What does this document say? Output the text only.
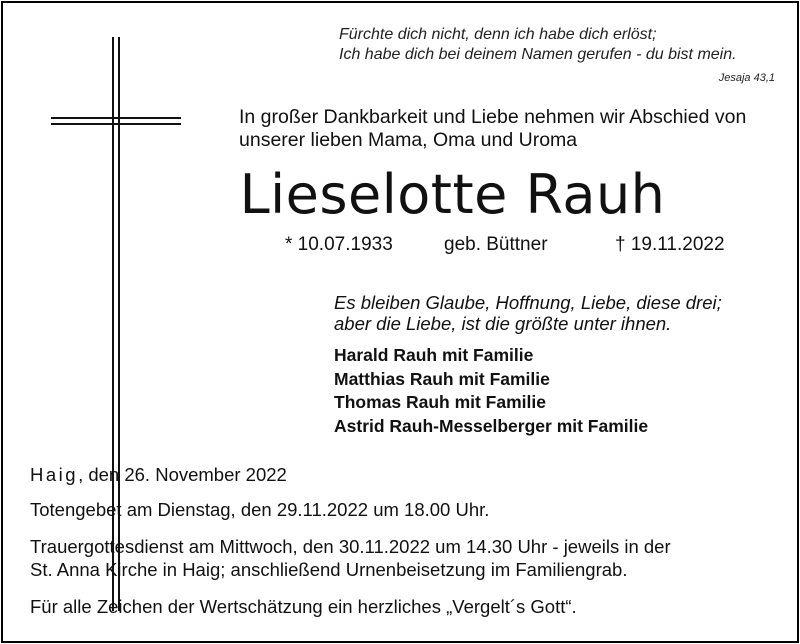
Fürchte dich nicht, denn ich habe dich erlöst;
Ich habe dich bei deinem Namen gerufen - du bist mein.
Jesaja 43,1
In großer Dankbarkeit und Liebe nehmen wir Abschied von
unserer lieben Mama, Oma und Uroma
Lieselotte Rauh
* 10.07.1933	geb. Büttner	† 19.11.2022
Es bleiben Glaube, Hoffnung, Liebe, diese drei;
aber die Liebe, ist die größte unter ihnen.
Harald Rauh mit Familie
Matthias Rauh mit Familie
Thomas Rauh mit Familie
Astrid Rauh-Messelberger mit Familie
Haig, den 26. November 2022
Totengebet am Dienstag, den 29.11.2022 um 18.00 Uhr.
Trauergottesdienst am Mittwoch, den 30.11.2022 um 14.30 Uhr - jeweils in der
St. Anna Kirche in Haig; anschließend Urnenbeisetzung im Familiengrab.
Für alle Zeichen der Wertschätzung ein herzliches „Vergelt´s Gott“.
